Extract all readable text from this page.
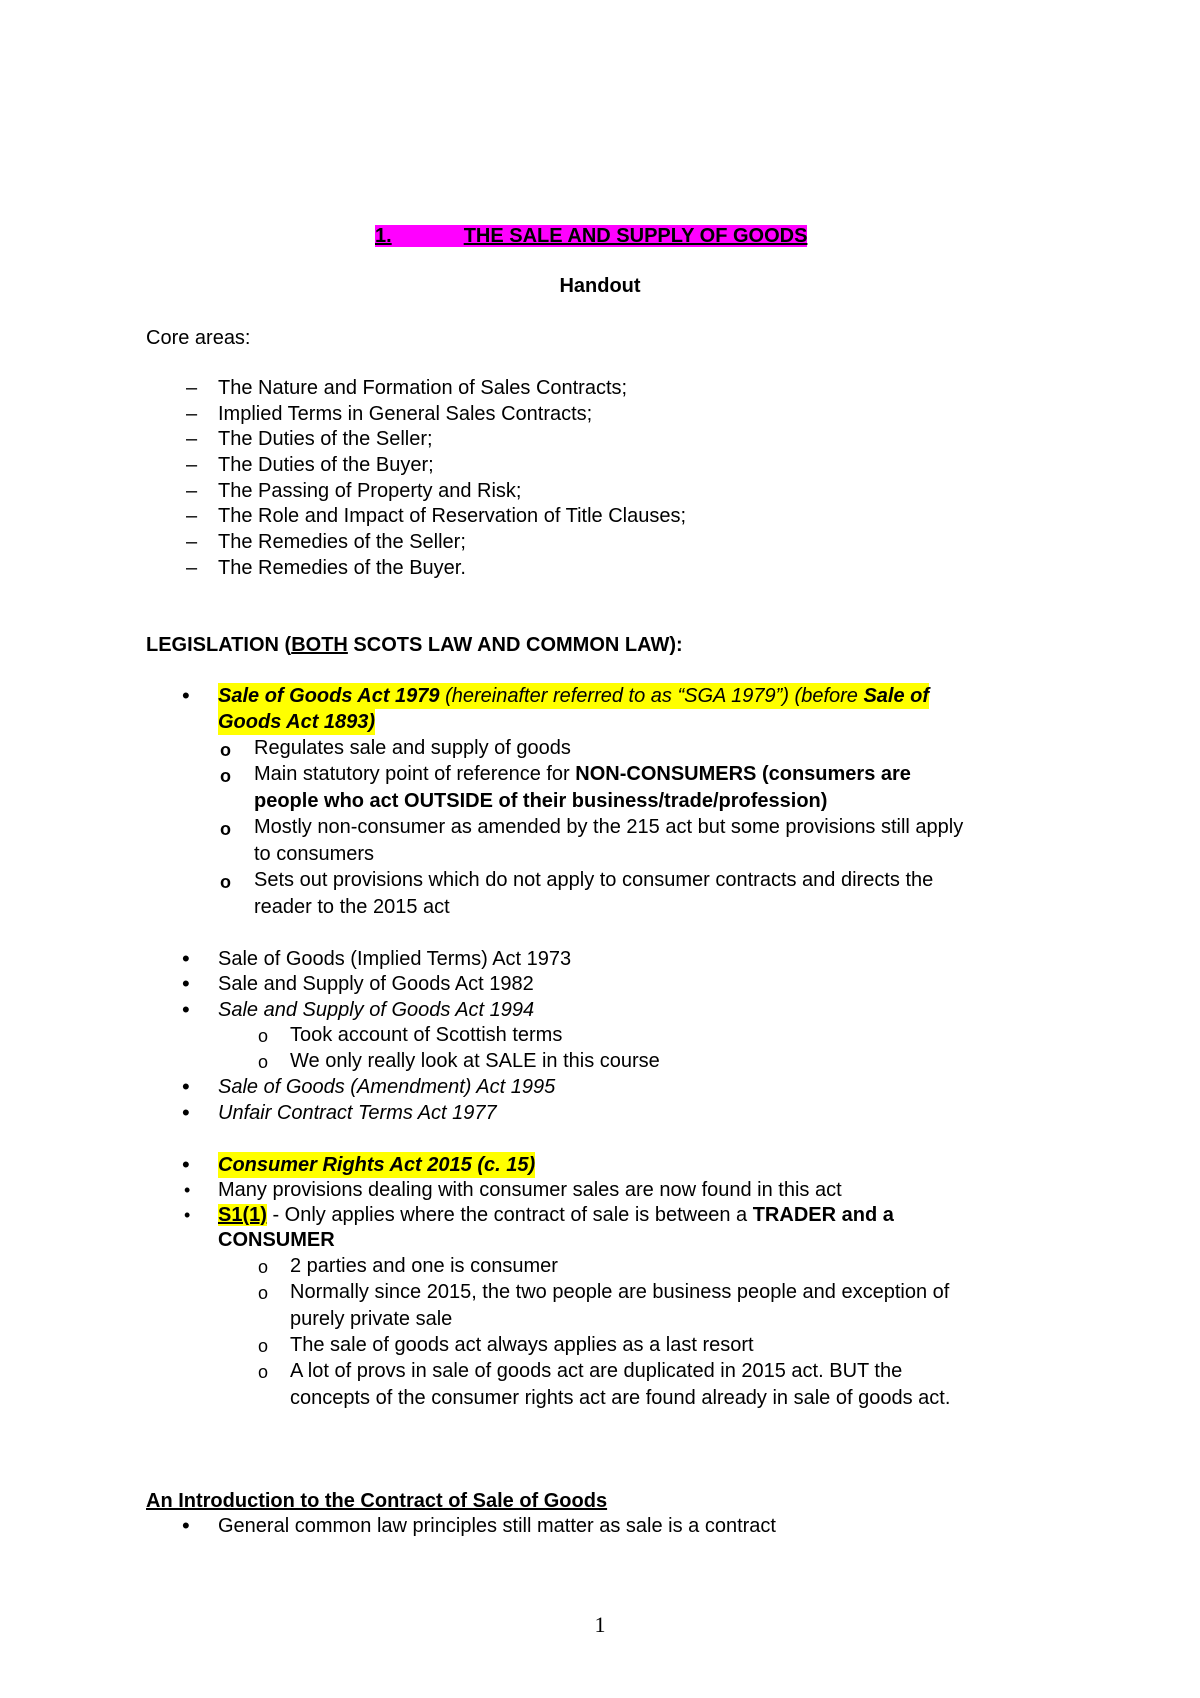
1.	THE SALE AND SUPPLY OF GOODS
Handout
Core areas:
– The Nature and Formation of Sales Contracts;
– Implied Terms in General Sales Contracts;
– The Duties of the Seller;
– The Duties of the Buyer;
– The Passing of Property and Risk;
– The Role and Impact of Reservation of Title Clauses;
– The Remedies of the Seller;
– The Remedies of the Buyer.
LEGISLATION (BOTH SCOTS LAW AND COMMON LAW):
• Sale of Goods Act 1979 (hereinafter referred to as “SGA 1979”) (before Sale of
Goods Act 1893)
o Regulates sale and supply of goods
o Main statutory point of reference for NON-CONSUMERS (consumers are
people who act OUTSIDE of their business/trade/profession)
o Mostly non-consumer as amended by the 215 act but some provisions still apply
to consumers
o Sets out provisions which do not apply to consumer contracts and directs the
reader to the 2015 act
• Sale of Goods (Implied Terms) Act 1973
• Sale and Supply of Goods Act 1982
• Sale and Supply of Goods Act 1994
o Took account of Scottish terms
o We only really look at SALE in this course
• Sale of Goods (Amendment) Act 1995
• Unfair Contract Terms Act 1977
• Consumer Rights Act 2015 (c. 15)
• Many provisions dealing with consumer sales are now found in this act
• S1(1) - Only applies where the contract of sale is between a TRADER and a
CONSUMER
o 2 parties and one is consumer
o Normally since 2015, the two people are business people and exception of
purely private sale
o The sale of goods act always applies as a last resort
o A lot of provs in sale of goods act are duplicated in 2015 act. BUT the
concepts of the consumer rights act are found already in sale of goods act.
An Introduction to the Contract of Sale of Goods
• General common law principles still matter as sale is a contract
1
